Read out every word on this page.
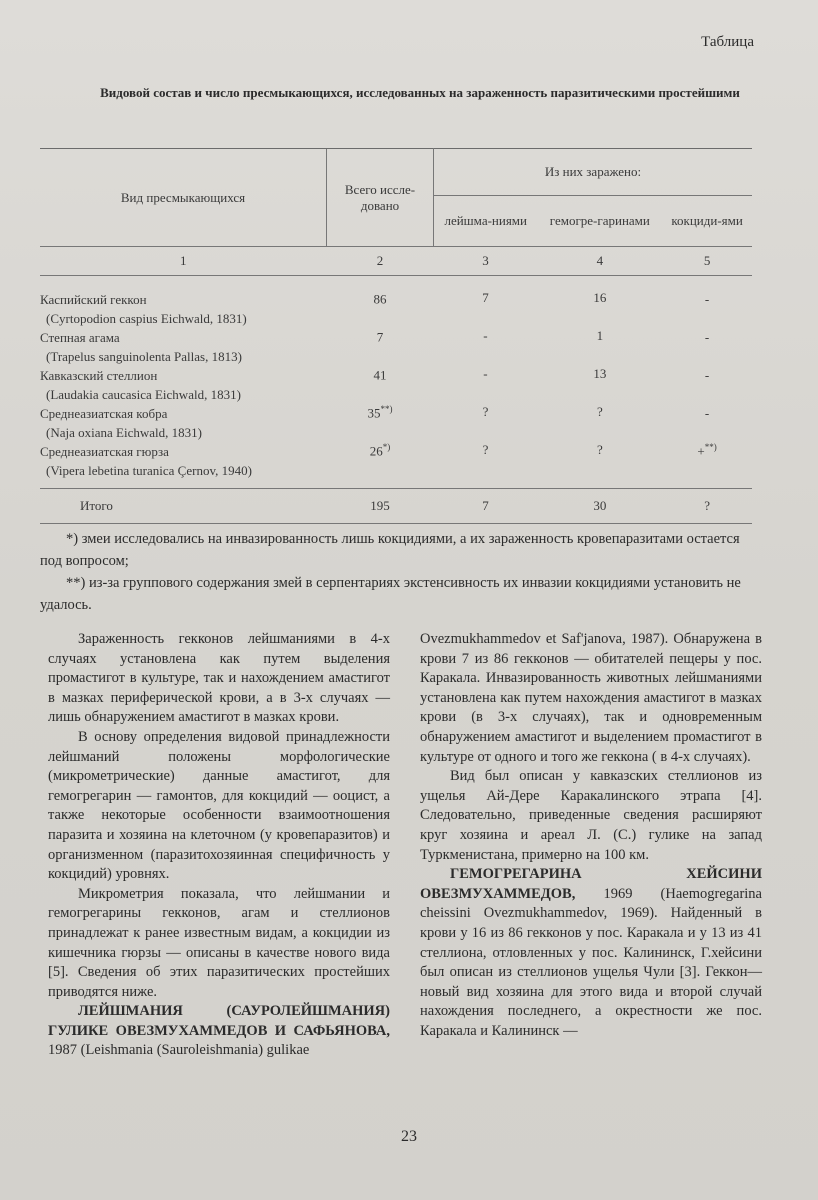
Таблица
Видовой состав и число пресмыкающихся, исследованных на зараженность паразитическими простейшими
Вид пресмыкающихся	Всего иссле-довано	Из них заражено:		
		лейшма-ниями	гемогре-гаринами	кокциди-ями
1	2	3	4	5

Каспийский геккон
(Cyrtopodion caspius Eichwald, 1831)	86	7	16	-

Степная агама
(Trapelus sanguinolenta Pallas, 1813)	7	-	1	-

Кавказский стеллион
(Laudakia caucasica Eichwald, 1831)	41	-	13	-

Среднеазиатская кобра
(Naja oxiana Eichwald, 1831)	35**)	?	?	-

Среднеазиатская гюрза
(Vipera lebetina turanica Çernov, 1940)	26*)	?	?	+**)

Итого	195	7	30	?

*) змеи исследовались на инвазированность лишь кокцидиями, а их зараженность кровепаразитами остается под вопросом;

**) из-за группового содержания змей в серпентариях экстенсивность их инвазии кокцидиями установить не удалось.

Зараженность гекконов лейшманиями в 4-х случаях установлена как путем выделения промастигот в культуре, так и нахождением амастигот в мазках периферической крови, а в 3-х случаях — лишь обнаружением амастигот в мазках крови.

В основу определения видовой принадлежности лейшманий положены морфологические (микрометрические) данные амастигот, для гемогрегарин — гамонтов, для кокцидий — ооцист, а также некоторые особенности взаимоотношения паразита и хозяина на клеточном (у кровепаразитов) и организменном (паразитохозяинная специфичность у кокцидий) уровнях.

Микрометрия показала, что лейшмании и гемогрегарины гекконов, агам и стеллионов принадлежат к ранее известным видам, а кокцидии из кишечника гюрзы — описаны в качестве нового вида [5]. Сведения об этих паразитических простейших приводятся ниже.

ЛЕЙШМАНИЯ (САУРОЛЕЙШМАНИЯ) ГУЛИКЕ ОВЕЗМУХАММЕДОВ И САФЬЯНОВА, 1987 (Leishmania (Sauroleishmania) gulikae

Ovezmukhammedov et Saf'janova, 1987). Обнаружена в крови 7 из 86 гекконов — обитателей пещеры у пос. Каракала. Инвазированность животных лейшманиями установлена как путем нахождения амастигот в мазках крови (в 3-х случаях), так и одновременным обнаружением амастигот и выделением промастигот в культуре от одного и того же геккона ( в 4-х случаях).

Вид был описан у кавказских стеллионов из ущелья Ай-Дере Каракалинского этрапа [4]. Следовательно, приведенные сведения расширяют круг хозяина и ареал Л. (С.) гулике на запад Туркменистана, примерно на 100 км.

ГЕМОГРЕГАРИНА ХЕЙСИНИ ОВЕЗМУХАММЕДОВ, 1969 (Haemogregarina cheissini Ovezmukhammedov, 1969). Найденный в крови у 16 из 86 гекконов у пос. Каракала и у 13 из 41 стеллиона, отловленных у пос. Калининск, Г.хейсини был описан из стеллионов ущелья Чули [3]. Геккон— новый вид хозяина для этого вида и второй случай нахождения последнего, а окрестности же пос. Каракала и Калининск —

23
